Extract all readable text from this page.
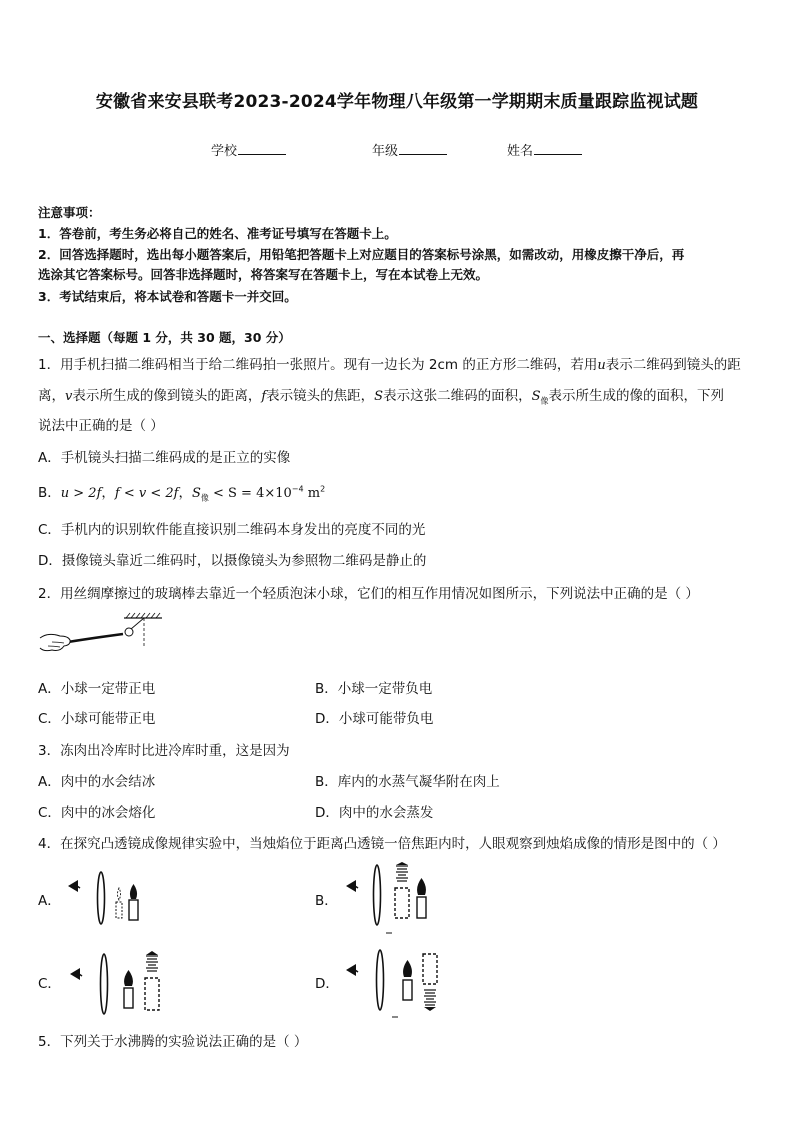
安徽省来安县联考2023-2024学年物理八年级第一学期期末质量跟踪监视试题
学校	年级	姓名
注意事项：
1．答卷前，考生务必将自己的姓名、准考证号填写在答题卡上。
2．回答选择题时，选出每小题答案后，用铅笔把答题卡上对应题目的答案标号涂黑，如需改动，用橡皮擦干净后，再
选涂其它答案标号。回答非选择题时，将答案写在答题卡上，写在本试卷上无效。
3．考试结束后，将本试卷和答题卡一并交回。
一、选择题（每题 1 分，共 30 题，30 分）
1．用手机扫描二维码相当于给二维码拍一张照片。现有一边长为 2cm 的正方形二维码，若用u表示二维码到镜头的距
离，v表示所生成的像到镜头的距离，f表示镜头的焦距，S表示这张二维码的面积，$S_像$表示所生成的像的面积，下列
说法中正确的是（ ）
A．手机镜头扫描二维码成的是正立的实像
B．u > 2f，f < v < 2f，$S_像 < S = 4\times 10^{-4}$ $m^2$
C．手机内的识别软件能直接识别二维码本身发出的亮度不同的光
D．摄像镜头靠近二维码时，以摄像镜头为参照物二维码是静止的
2．用丝绸摩擦过的玻璃棒去靠近一个轻质泡沫小球，它们的相互作用情况如图所示，下列说法中正确的是（ ）
A．小球一定带正电	B．小球一定带负电
C．小球可能带正电	D．小球可能带负电
3．冻肉出冷库时比进冷库时重，这是因为
A．肉中的水会结冰	B．库内的水蒸气凝华附在肉上
C．肉中的冰会熔化	D．肉中的水会蒸发
4．在探究凸透镜成像规律实验中，当烛焰位于距离凸透镜一倍焦距内时，人眼观察到烛焰成像的情形是图中的（ ）
A．	B．
C．	D．
5．下列关于水沸腾的实验说法正确的是（ ）
